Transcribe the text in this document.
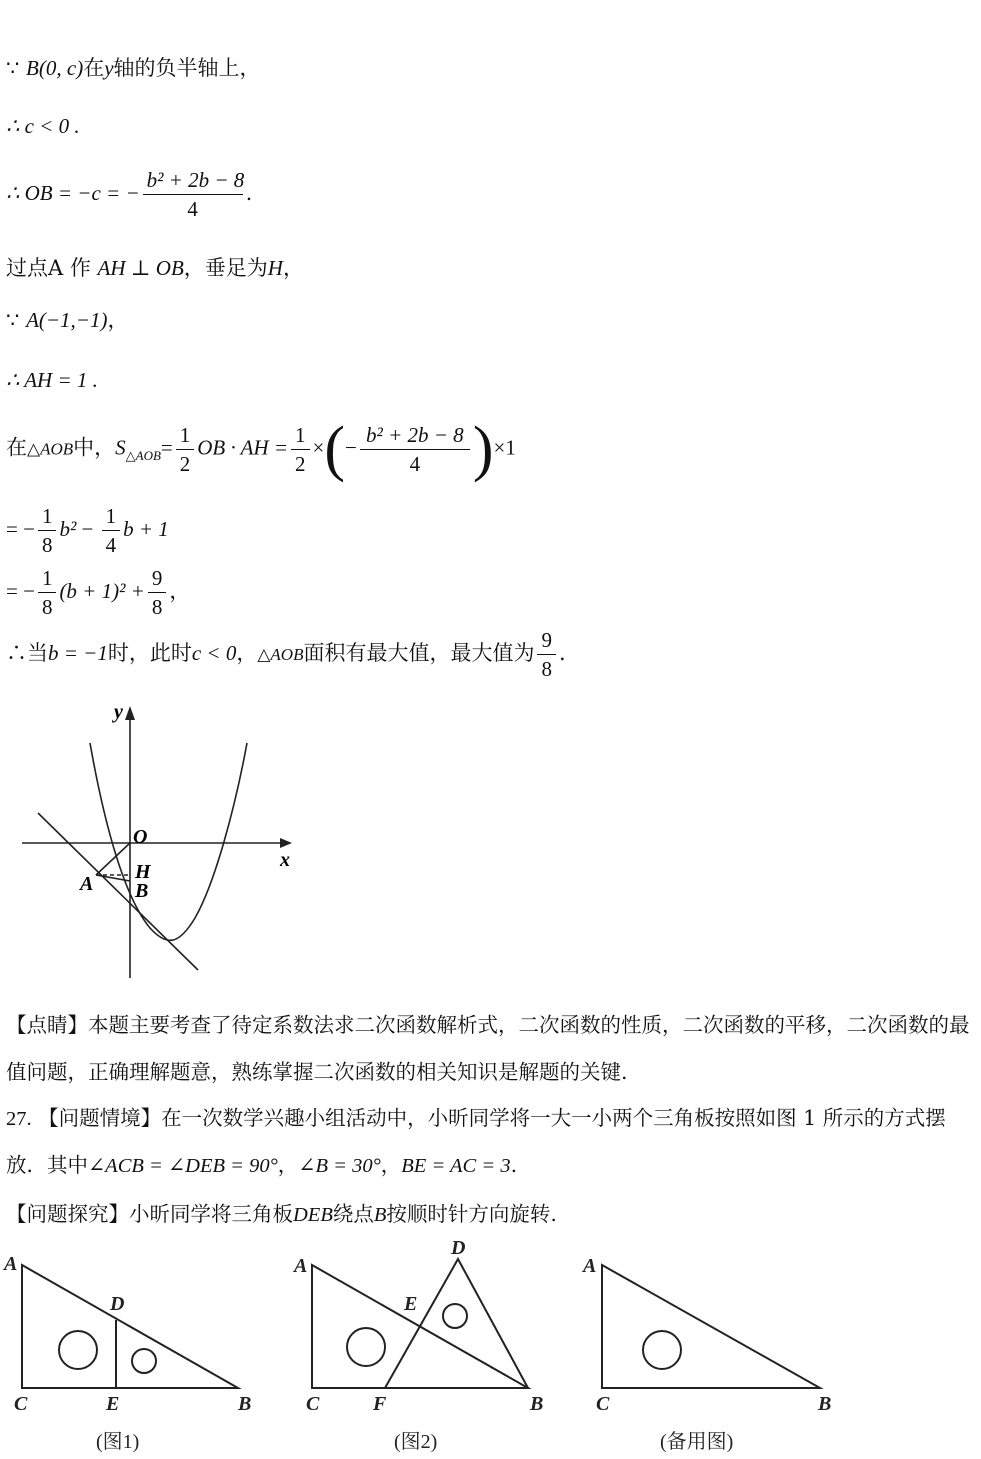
∵ B(0, c)在y轴的负半轴上，
∴ c < 0 .
∴ OB = −c = − $\frac{\text{b² + 2b − 8}}{4}$ .
过点A 作 AH ⊥ OB，垂足为H，
∵ A(−1,−1)，
∴ AH = 1 .
在△AOB中，$S_{\triangle AOB}= \frac{1}{2}$ OB · AH = $\frac{1}{2}$ ×(− $\frac{\text{b² + 2b − 8}}{4} )\times 1$
= − $\frac{1}{8} b^2 - \frac{1}{4}$ b + 1
= − $\frac{1}{8} (b + 1)^2 + \frac{9}{8}$ ，
∴当b = −1时，此时c < 0，△AOB面积有最大值，最大值为 $\frac{9}{8}$ .
y
x
O
H
A B
【点睛】本题主要考查了待定系数法求二次函数解析式，二次函数的性质，二次函数的平移，二次函数的最值问题，正确理解题意，熟练掌握二次函数的相关知识是解题的关键.
27. 【问题情境】在一次数学兴趣小组活动中，小昕同学将一大一小两个三角板按照如图 1 所示的方式摆
放．其中∠ACB = ∠DEB = 90°，∠B = 30°，BE = AC = 3.
【问题探究】小昕同学将三角板DEB绕点B按顺时针方向旋转.
A
D
C	E	B
D
A
E
C	F	B
A
C	B
(图1)	(图2)	(备用图)
